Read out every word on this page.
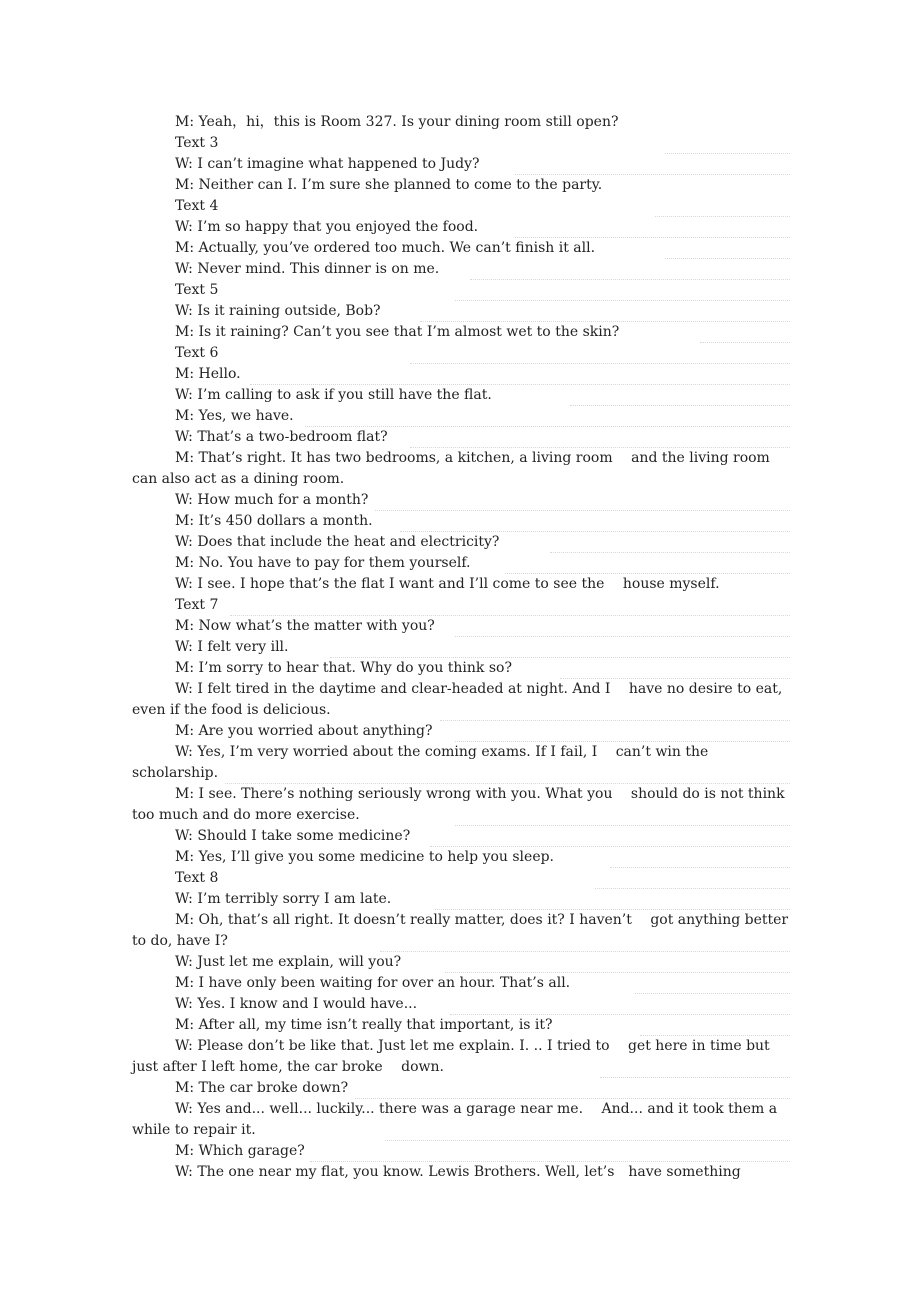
M: Yeah，hi，this is Room 327. Is your dining room still open?

Text 3

W: I can’t imagine what happened to Judy?

M: Neither can I. I’m sure she planned to come to the party.

Text 4

W: I’m so happy that you enjoyed the food.

M: Actually, you’ve ordered too much. We can’t finish it all.

W: Never mind. This dinner is on me.

Text 5

W: Is it raining outside, Bob?

M: Is it raining? Can’t you see that I’m almost wet to the skin?

Text 6

M: Hello.

W: I’m calling to ask if you still have the flat.

M: Yes, we have.

W: That’s a two-bedroom flat?

M: That’s right. It has two bedrooms, a kitchen, a living room　 and the living room can also act as a dining room.

W: How much for a month?

M: It’s 450 dollars a month.

W: Does that include the heat and electricity?

M: No. You have to pay for them yourself.

W: I see. I hope that’s the flat I want and I’ll come to see the　 house myself.

Text 7

M: Now what’s the matter with you?

W: I felt very ill.

M: I’m sorry to hear that. Why do you think so?

W: I felt tired in the daytime and clear-headed at night. And I　 have no desire to eat, even if the food is delicious.

M: Are you worried about anything?

W: Yes, I’m very worried about the coming exams. If I fail, I　 can’t win the scholarship.

M: I see. There’s nothing seriously wrong with you. What you　 should do is not think too much and do more exercise.

W: Should I take some medicine?

M: Yes, I’ll give you some medicine to help you sleep.

Text 8

W: I’m terribly sorry I am late.

M: Oh, that’s all right. It doesn’t really matter, does it? I haven’t　 got anything better to do, have I?

W: Just let me explain, will you?

M: I have only been waiting for over an hour. That’s all.

W: Yes. I know and I would have...

M: After all, my time isn’t really that important, is it?

W: Please don’t be like that. Just let me explain. I. .. I tried to　 get here in time but just after I left home, the car broke　 down.

M: The car broke down?

W: Yes and... well... luckily... there was a garage near me.　 And... and it took them a while to repair it.

M: Which garage?

W: The one near my flat, you know. Lewis Brothers. Well, let’s　have something
